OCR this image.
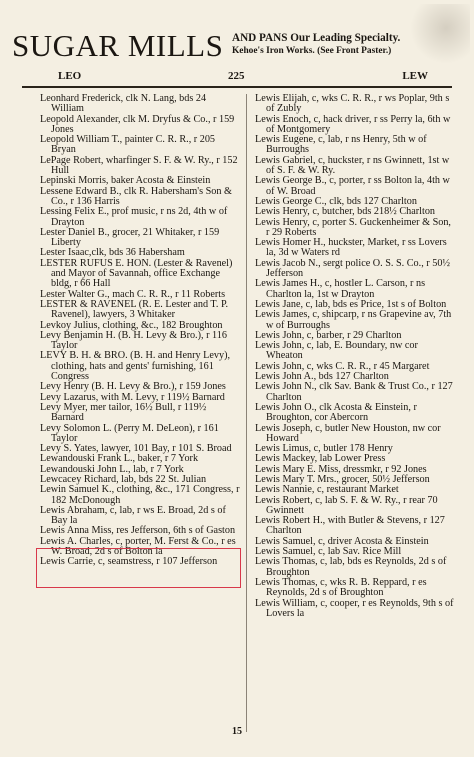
SUGAR MILLS AND PANS Our Leading Specialty.
Kehoe's Iron Works. (See Front Paster.)
LEO	225	LEW
Leonhard Frederick, clk N. Lang, bds 24 William
Leopold Alexander, clk M. Dryfus & Co., r 159 Jones
Leopold William T., painter C. R. R., r 205 Bryan
LePage Robert, wharfinger S. F. & W. Ry., r 152 Hull
Lepinski Morris, baker Acosta & Einstein
Lessene Edward B., clk R. Habersham's Son & Co., r 136 Harris
Lessing Felix E., prof music, r ns 2d, 4th w of Drayton
Lester Daniel B., grocer, 21 Whitaker, r 159 Liberty
Lester Isaac,clk, bds 36 Habersham
LESTER RUFUS E. HON. (Lester & Ravenel) and Mayor of Savannah, office Exchange bldg, r 66 Hall
Lester Walter G., mach C. R. R., r 11 Roberts
LESTER & RAVENEL (R. E. Lester and T. P. Ravenel), lawyers, 3 Whitaker
Levkoy Julius, clothing, &c., 182 Broughton
Levy Benjamin H. (B. H. Levy & Bro.), r 116 Taylor
LEVY B. H. & BRO. (B. H. and Henry Levy), clothing, hats and gents' furnishing, 161 Congress
Levy Henry (B. H. Levy & Bro.), r 159 Jones
Levy Lazarus, with M. Levy, r 119½ Barnard
Levy Myer, mer tailor, 16½ Bull, r 119½ Barnard
Levy Solomon L. (Perry M. DeLeon), r 161 Taylor
Levy S. Yates, lawyer, 101 Bay, r 101 S. Broad
Lewandouski Frank L., baker, r 7 York
Lewandouski John L., lab, r 7 York
Lewcacey Richard, lab, bds 22 St. Julian
Lewin Samuel K., clothing, &c., 171 Congress, r 182 McDonough
Lewis Abraham, c, lab, r ws E. Broad, 2d s of Bay la
Lewis Anna Miss, res Jefferson, 6th s of Gaston
Lewis A. Charles, c, porter, M. Ferst & Co., r es W. Broad, 2d s of Bolton la
Lewis Carrie, c, seamstress, r 107 Jefferson
Lewis Elijah, c, wks C. R. R., r ws Poplar, 9th s of Zubly
Lewis Enoch, c, hack driver, r ss Perry la, 6th w of Montgomery
Lewis Eugene, c, lab, r ns Henry, 5th w of Burroughs
Lewis Gabriel, c, huckster, r ns Gwinnett, 1st w of S. F. & W. Ry.
Lewis George B., c, porter, r ss Bolton la, 4th w of W. Broad
Lewis George C., clk, bds 127 Charlton
Lewis Henry, c, butcher, bds 218½ Charlton
Lewis Henry, c, porter S. Guckenheimer & Son, r 29 Roberts
Lewis Homer H., huckster, Market, r ss Lovers la, 3d w Waters rd
Lewis Jacob N., sergt police O. S. S. Co., r 50½ Jefferson
Lewis James H., c, hostler L. Carson, r ns Charlton la, 1st w Drayton
Lewis Jane, c, lab, bds es Price, 1st s of Bolton
Lewis James, c, shipcarp, r ns Grapevine av, 7th w of Burroughs
Lewis John, c, barber, r 29 Charlton
Lewis John, c, lab, E. Boundary, nw cor Wheaton
Lewis John, c, wks C. R. R., r 45 Margaret
Lewis John A., bds 127 Charlton
Lewis John N., clk Sav. Bank & Trust Co., r 127 Charlton
Lewis John O., clk Acosta & Einstein, r Broughton, cor Abercorn
Lewis Joseph, c, butler New Houston, nw cor Howard
Lewis Limus, c, butler 178 Henry
Lewis Mackey, lab Lower Press
Lewis Mary E. Miss, dressmkr, r 92 Jones
Lewis Mary T. Mrs., grocer, 50½ Jefferson
Lewis Nannie, c, restaurant Market
Lewis Robert, c, lab S. F. & W. Ry., r rear 70 Gwinnett
Lewis Robert H., with Butler & Stevens, r 127 Charlton
Lewis Samuel, c, driver Acosta & Einstein
Lewis Samuel, c, lab Sav. Rice Mill
Lewis Thomas, c, lab, bds es Reynolds, 2d s of Broughton
Lewis Thomas, c, wks R. B. Reppard, r es Reynolds, 2d s of Broughton
Lewis William, c, cooper, r es Reynolds, 9th s of Lovers la
15
